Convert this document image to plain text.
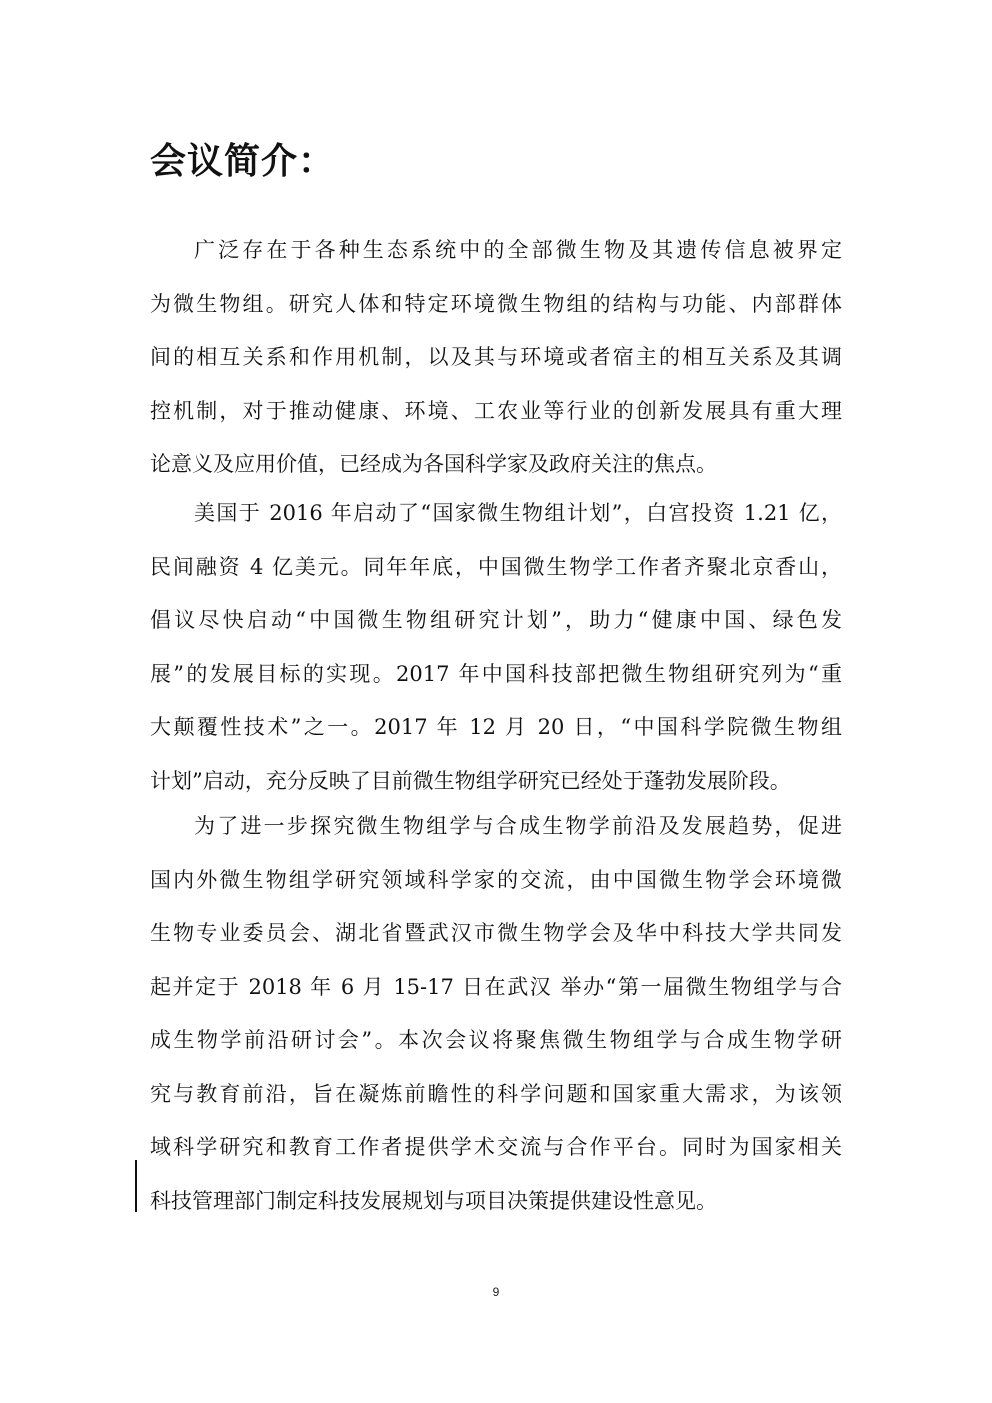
会议简介：
广泛存在于各种生态系统中的全部微生物及其遗传信息被界定
为微生物组。研究人体和特定环境微生物组的结构与功能、内部群体
间的相互关系和作用机制，以及其与环境或者宿主的相互关系及其调
控机制，对于推动健康、环境、工农业等行业的创新发展具有重大理
论意义及应用价值，已经成为各国科学家及政府关注的焦点。
美国于 2016 年启动了“国家微生物组计划”，白宫投资 1.21 亿，
民间融资 4 亿美元。同年年底，中国微生物学工作者齐聚北京香山，
倡议尽快启动“中国微生物组研究计划”，助力“健康中国、绿色发
展”的发展目标的实现。2017 年中国科技部把微生物组研究列为“重
大颠覆性技术”之一。2017 年 12 月 20 日，“中国科学院微生物组
计划”启动，充分反映了目前微生物组学研究已经处于蓬勃发展阶段。
为了进一步探究微生物组学与合成生物学前沿及发展趋势，促进
国内外微生物组学研究领域科学家的交流，由中国微生物学会环境微
生物专业委员会、湖北省暨武汉市微生物学会及华中科技大学共同发
起并定于 2018 年 6 月 15-17 日在武汉 举办“第一届微生物组学与合
成生物学前沿研讨会”。本次会议将聚焦微生物组学与合成生物学研
究与教育前沿，旨在凝炼前瞻性的科学问题和国家重大需求，为该领
域科学研究和教育工作者提供学术交流与合作平台。同时为国家相关
科技管理部门制定科技发展规划与项目决策提供建设性意见。
9
